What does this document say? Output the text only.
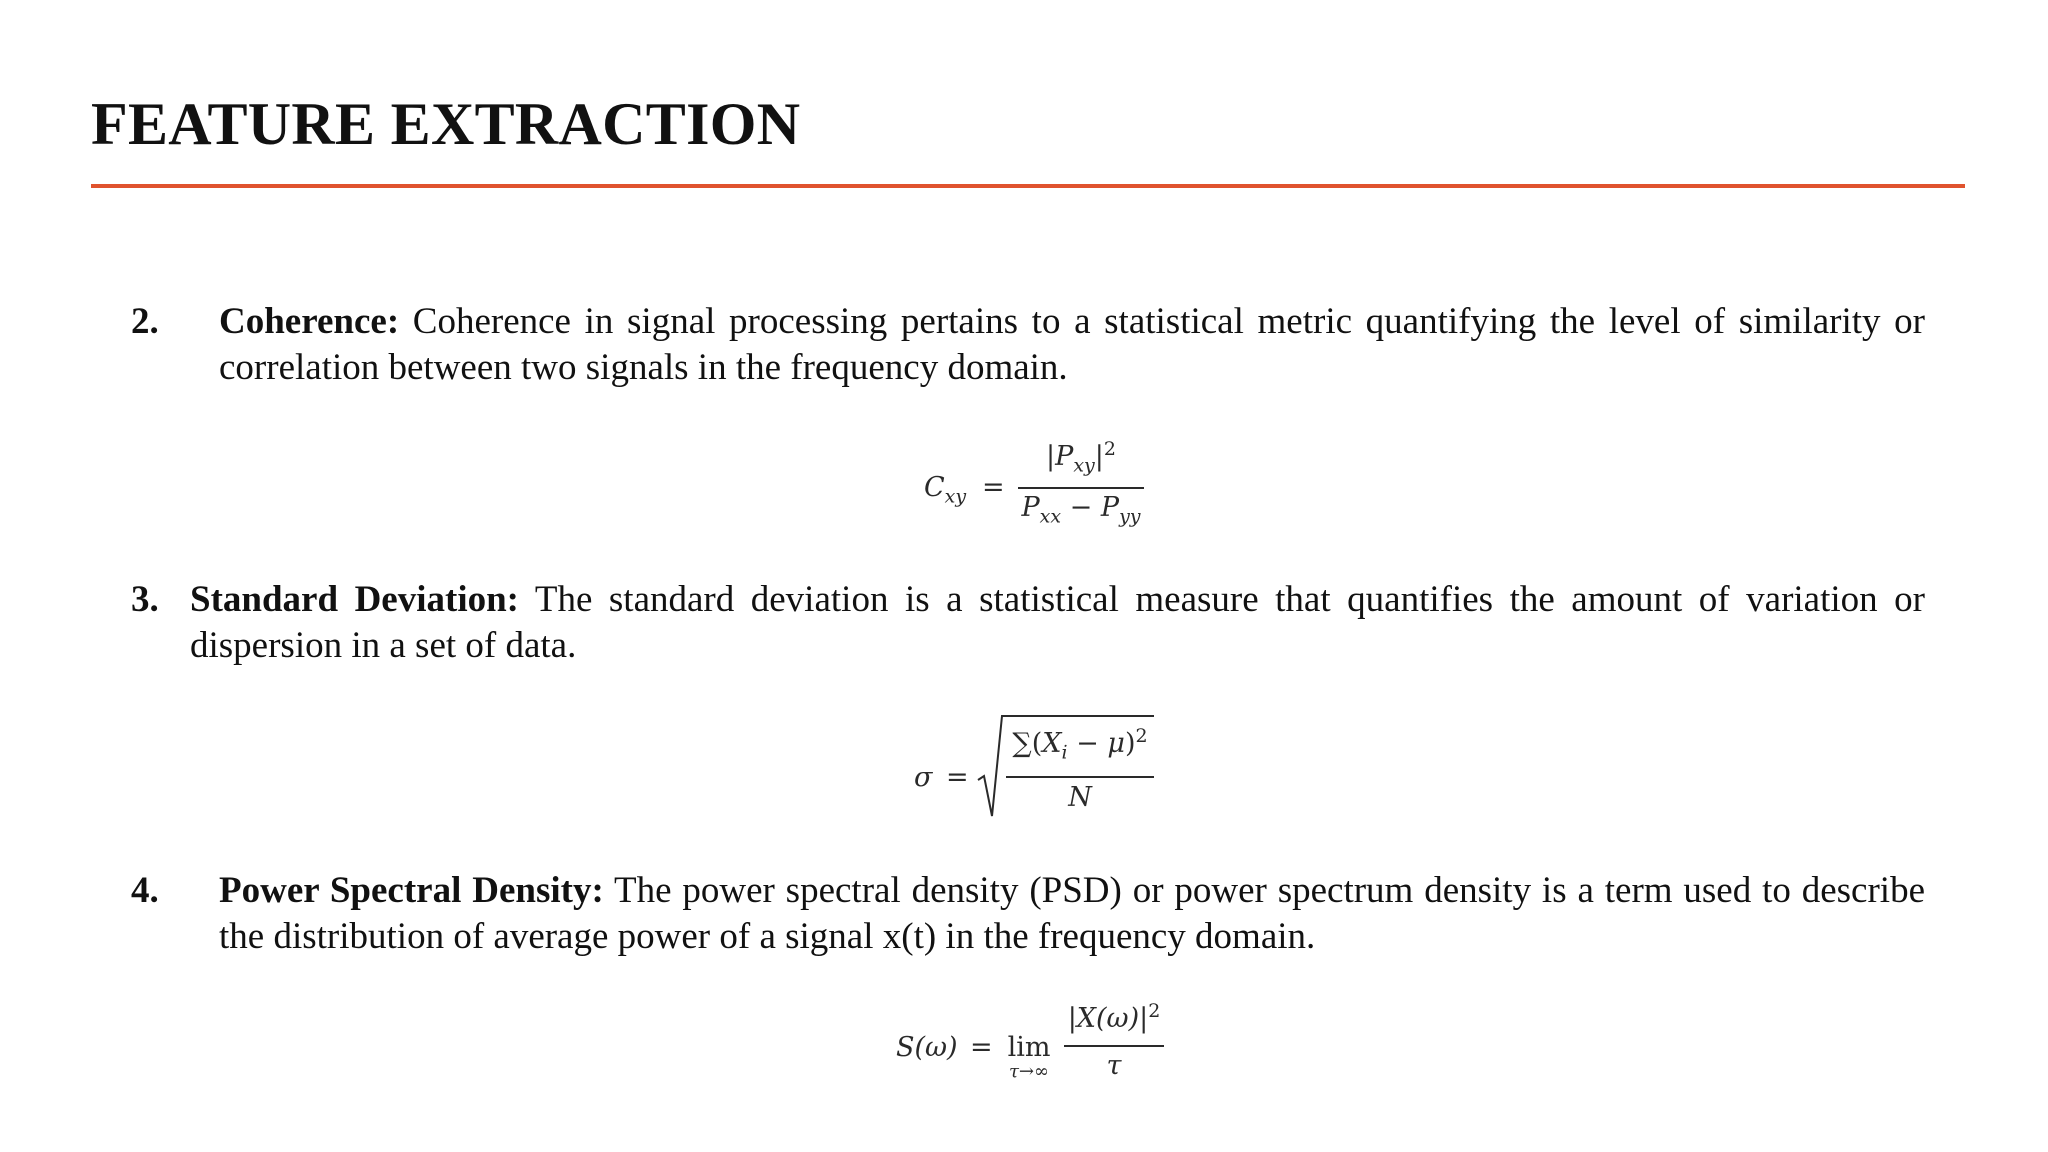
FEATURE EXTRACTION
2. Coherence: Coherence in signal processing pertains to a statistical metric quantifying the level of similarity or correlation between two signals in the frequency domain.
$C_{xy}$ =
$|P_{xy}|^2$
$P_{xx} - P_{yy}$
3. Standard Deviation: The standard deviation is a statistical measure that quantifies the amount of variation or dispersion in a set of data.
σ =
$\sum(X_i - \mu)^2$
N
4. Power Spectral Density: The power spectral density (PSD) or power spectrum density is a term used to describe the distribution of average power of a signal x(t) in the frequency domain.
S(ω) = lim
τ→∞
$|X(\omega)|^2$
τ
